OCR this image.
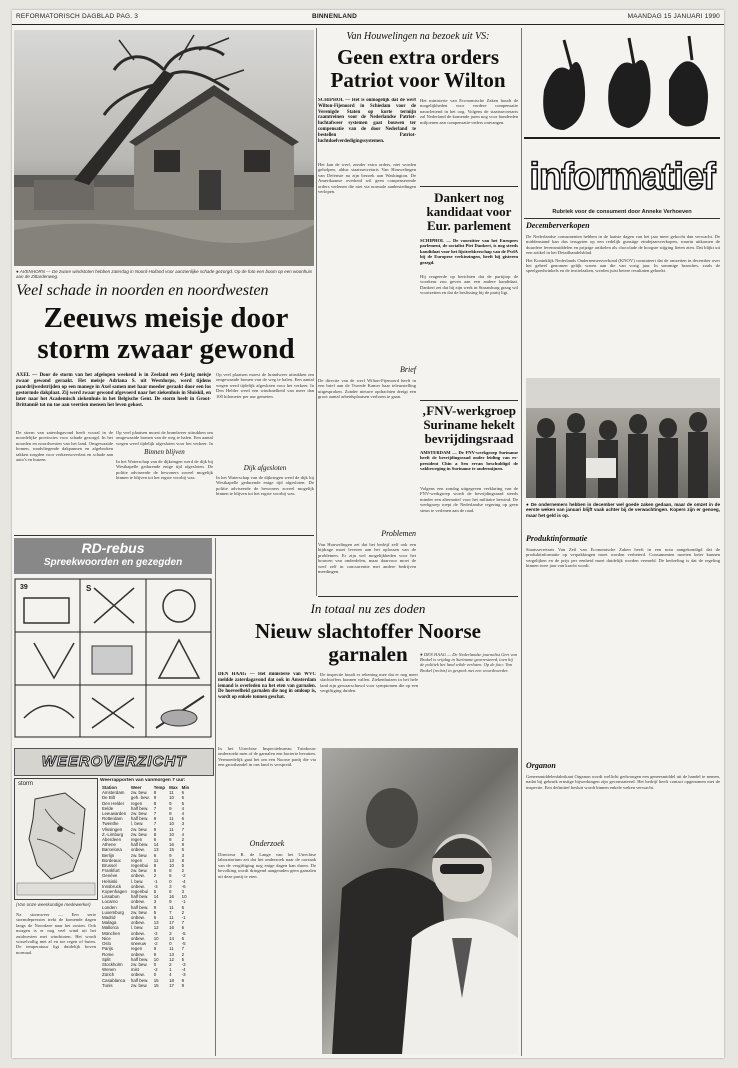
REFORMATORISCH DAGBLAD PAG. 3	BINNENLAND	MAANDAG 15 JANUARI 1990
● AVENHORN — De zware windstoten hebben zaterdag in Noord-Holland voor aanzienlijke schade gezorgd. Op de foto een boom op een woonhuis aan de Zittardenweg.
Veel schade in noorden en noordwesten
Zeeuws meisje door storm zwaar gewond
AXEL — Door de storm van het afgelopen weekend is in Zeeland een 4-jarig meisje zwaar gewond geraakt. Het meisje Adriana S. uit Westdorpe, werd tijdens paardrijwedstrijden op een manege in Axel samen met haar moeder geraakt door een los gestormde dakplaat. Zij werd zwaar gewond afgevoerd naar het ziekenhuis in Sluiskil, en later naar het Academisch ziekenhuis in het Belgische Gent. De storm heelt in Groot-Brittannië tot nu toe aan veertien mensen het leven gekost.
De storm van zaterdagavond heeft vooral in de noordelijke provincies voor schade gezorgd. In het noorden en noordwesten van het land. Omgewaaide bomen, rondvliegende dakpannen en afgebroken takken zorgden voor verkeersoverlast en schade aan auto's en huizen.
Op veel plaatsen moest de brandweer uitrukken om omgewaaide bomen van de weg te halen. Een aantal wegen werd tijdelijk afgesloten voor het verkeer. In
Binnen blijven
In het Waterschap van de dijkringen werd de dijk bij Westkapelle gedurende enige tijd afgesloten. De politie adviseerde de bewoners zoveel mogelijk binnen te blijven tot het ergste voorbij was.
Op veel plaatsen moest de brandweer uitrukken om omgewaaide bomen van de weg te halen. Een aantal wegen werd tijdelijk afgesloten voor het verkeer. In Den Helder werd een windsnelheid van meer dan 100 kilometer per uur gemeten.
Dijk afgesloten
In het Waterschap van de dijkringen werd de dijk bij Westkapelle gedurende enige tijd afgesloten. De politie adviseerde de bewoners zoveel mogelijk binnen te blijven tot het ergste voorbij was.
RD-rebus
Spreekwoorden en gezegden
39	S
WEEROVERZICHT
storm
(Van onze weerkundige medewerker)
Na stormweer — Een serie stormdepressies trekt de komende dagen langs de Noordzee naar het oosten. Ook morgen is er nog veel wind uit het zuidwesten met windstoten. Het wordt wisselvallig met af en toe regen of buien. De temperatuur ligt duidelijk boven normaal.
Weerrapporten van vanmorgen 7 uur:
Station	Weer	Temp	Max	Min
Amsterdam	zw. bew.	8	11	6
De Bilt	geh. bew.	9	10	5
Den Helder	regen	8	9	5
Eelde	half bew.	7	9	4
Leeuwarden	zw. bew.	7	8	4
Rotterdam	half bew.	9	11	6
Twenthe	l. bew.	7	10	3
Vlissingen	zw. bew.	9	11	7
Z.-Limburg	zw. bew.	8	10	4
Aberdeen	regen	6	8	2
Athene	half bew.	14	16	9
Barcelona	onbew.	13	15	5
Berlijn	zw. bew.	6	9	3
Bordeaux	regen	11	13	8
Brussel	regenbui	8	10	5
Frankfurt	zw. bew.	6	8	2
Genève	onbew.	2	6	-2
Helsinki	l. bew.	-1	0	-4
Innsbruck	onbew.	-3	3	-6
Kopenhagen	regenbui	5	6	3
Lissabon	half bew.	14	16	10
Locarno	onbew.	3	9	-1
Londen	half bew.	9	11	6
Luxemburg	zw. bew.	5	7	2
Madrid	onbew.	6	11	-1
Malaga	onbew.	13	17	7
Mallorca	l. bew.	12	16	6
München	onbew.	-2	3	-5
Nice	onbew.	10	14	6
Oslo	sneeuw	-2	0	-5
Parijs	regen	9	11	7
Rome	onbew.	9	13	2
Split	half bew.	10	12	5
Stockholm	zw. bew.	0	2	-3
Wenen	mist	-2	1	-4
Zürich	onbew.	0	4	-3
Casablanca	half bew.	15	18	9
Tunis	zw. bew.	15	17	9
Van Houwelingen na bezoek uit VS:
Geen extra orders Patriot voor Wilton
SCHIPHOL — Het is onmogelijk dat de werf Wilton-Fijenoord in Schiedam voor de Verenigde Staten op korte termijn raamtreinen voor de Nederlandse Patriot-luchtafweer systemen gaat bouwen ter compensatie van de door Nederland te bestellen Patriot-luchtdoelverdedigingssystemen.
Het kan de werf, zonder extra orders, niet worden geholpen, aldus staatssecretaris Van Houwelingen van Defensie na zijn bezoek aan Washington. De Amerikaanse overheid wil geen compenserende orders verlenen die niet via normale aanbestedingen verlopen.
Brief
De directie van de werf Wilton-Fijenoord heeft in een brief aan de Tweede Kamer haar teleurstelling uitgesproken. Zonder nieuwe opdrachten dreigt een groot aantal arbeidsplaatsen verloren te gaan.
Problemen
Van Houwelingen zei dat het bedrijf zelf ook een bijdrage moet leveren aan het oplossen van de problemen. Er zijn wel mogelijkheden voor het bouwen van onderdelen, maar daarvoor moet de werf zelf in concurrentie met andere bedrijven meedingen.
Het ministerie van Economische Zaken houdt de mogelijkheden voor verdere compensatie nauwlettend in het oog. Volgens de staatssecretaris zal Nederland de komende jaren nog voor honderden miljoenen aan compensatie-orders ontvangen.
Dankert nog kandidaat voor Eur. parlement
SCHIPHOL — De voorzitter van het Europees parlement, de socialist Piet Dankert, is nog steeds kandidaat voor het lijsttrekkerschap van de PvdA bij de Europese verkiezingen, heeft hij gisteren gezegd.
Hij reageerde op berichten dat de partijtop de voorkeur zou geven aan een andere kandidaat. Dankert zei dat hij zijn werk in Straatsburg graag wil voortzetten en dat de beslissing bij de partij ligt.
‚FNV-werkgroep Suriname hekelt bevrijdingsraad
AMSTERDAM — De FNV-werkgroep Suriname heeft de bevrijdingsraad onder leiding van ex-president Chin a Sen ervan beschuldigd de vakbeweging in Suriname te ondermijnen.
Volgens een zondag uitgegeven verklaring van de FNV-werkgroep wordt de bevrijdingsraad steeds minder een alternatief voor het militaire bewind. De werkgroep roept de Nederlandse regering op geen steun te verlenen aan de raad.
In totaal nu zes doden
Nieuw slachtoffer Noorse garnalen
DEN HAAG — Het ministerie van WVC meldde zaterdagavond dat ook in Amsterdam iemand is overleden na het eten van garnalen. De hoeveelheid garnalen die nog in omloop is, wordt op enkele tonnen geschat.
In het Utrechtse Inspectiebureau Tuinbouw onderzoekt men of de garnalen een bacterie bevatten. Vermoedelijk gaat het om een Noorse partij die via een groothandel in ons land is verspreid.
Onderzoek
Directeur R. de Lange van het Utrechtse laboratorium zei dat het onderzoek naar de oorzaak van de vergiftiging nog enige dagen kan duren. De bevolking wordt dringend aangeraden geen garnalen uit deze partij te eten.
De inspectie houdt er rekening mee dat er nog meer slachtoffers kunnen vallen. Ziekenhuizen in het hele land zijn gewaarschuwd voor symptomen die op een vergiftiging duiden.
● DEN HAAG — De Nederlandse journalist Gert van Brakel is vrijdag in Suriname gearresteerd, toen hij de politiek het land wilde verlaten. Op de foto: Van Brakel (rechts) in gesprek met een woordvoerder.
informatief
Rubriek voor de consument door Anneke Verhoeven
Decemberverkopen

De Nederlandse consumenten hebben in de laatste dagen van het jaar meer gekocht dan verwacht. De middenstand kan dus terugzien op een redelijk gunstige eindejaarsverkopen, waarin uitkomen de duurdere levensmiddelen en prijzige artikelen als chocolade de hoogste stijging lieten zien. Dat blijkt uit een artikel in het Detailhandelsblad.

Het Koninklijk Nederlands Ondernemersverbond (KNOV) constateert dat de omzetten in december over het geheel genomen gelijk waren aan die van vorig jaar. In sommige branches, zoals de speelgoedwinkels en de textielzaken, werden juist betere resultaten geboekt.

● De ondernemers hebben in december wel goede zaken gedaan, maar de omzet in de eerste weken van januari blijft vaak achter bij de verwachtingen. Kopers zijn er genoeg, maar het geld is op.
Produktinformatie
Staatssecretaris Van Zeil van Economische Zaken heeft in een nota aangekondigd dat de produktinformatie op verpakkingen moet worden verbeterd. Consumenten moeten beter kunnen vergelijken en de prijs per eenheid moet duidelijk worden vermeld. De bedoeling is dat de regeling binnen twee jaar van kracht wordt.
Organon
Geneesmiddelenfabrikant Organon wordt wellicht gedwongen een geneesmiddel uit de handel te nemen, nadat bij gebruik ernstige bijwerkingen zijn geconstateerd. Het bedrijf heeft contact opgenomen met de inspectie. Een definitief besluit wordt binnen enkele weken verwacht.
